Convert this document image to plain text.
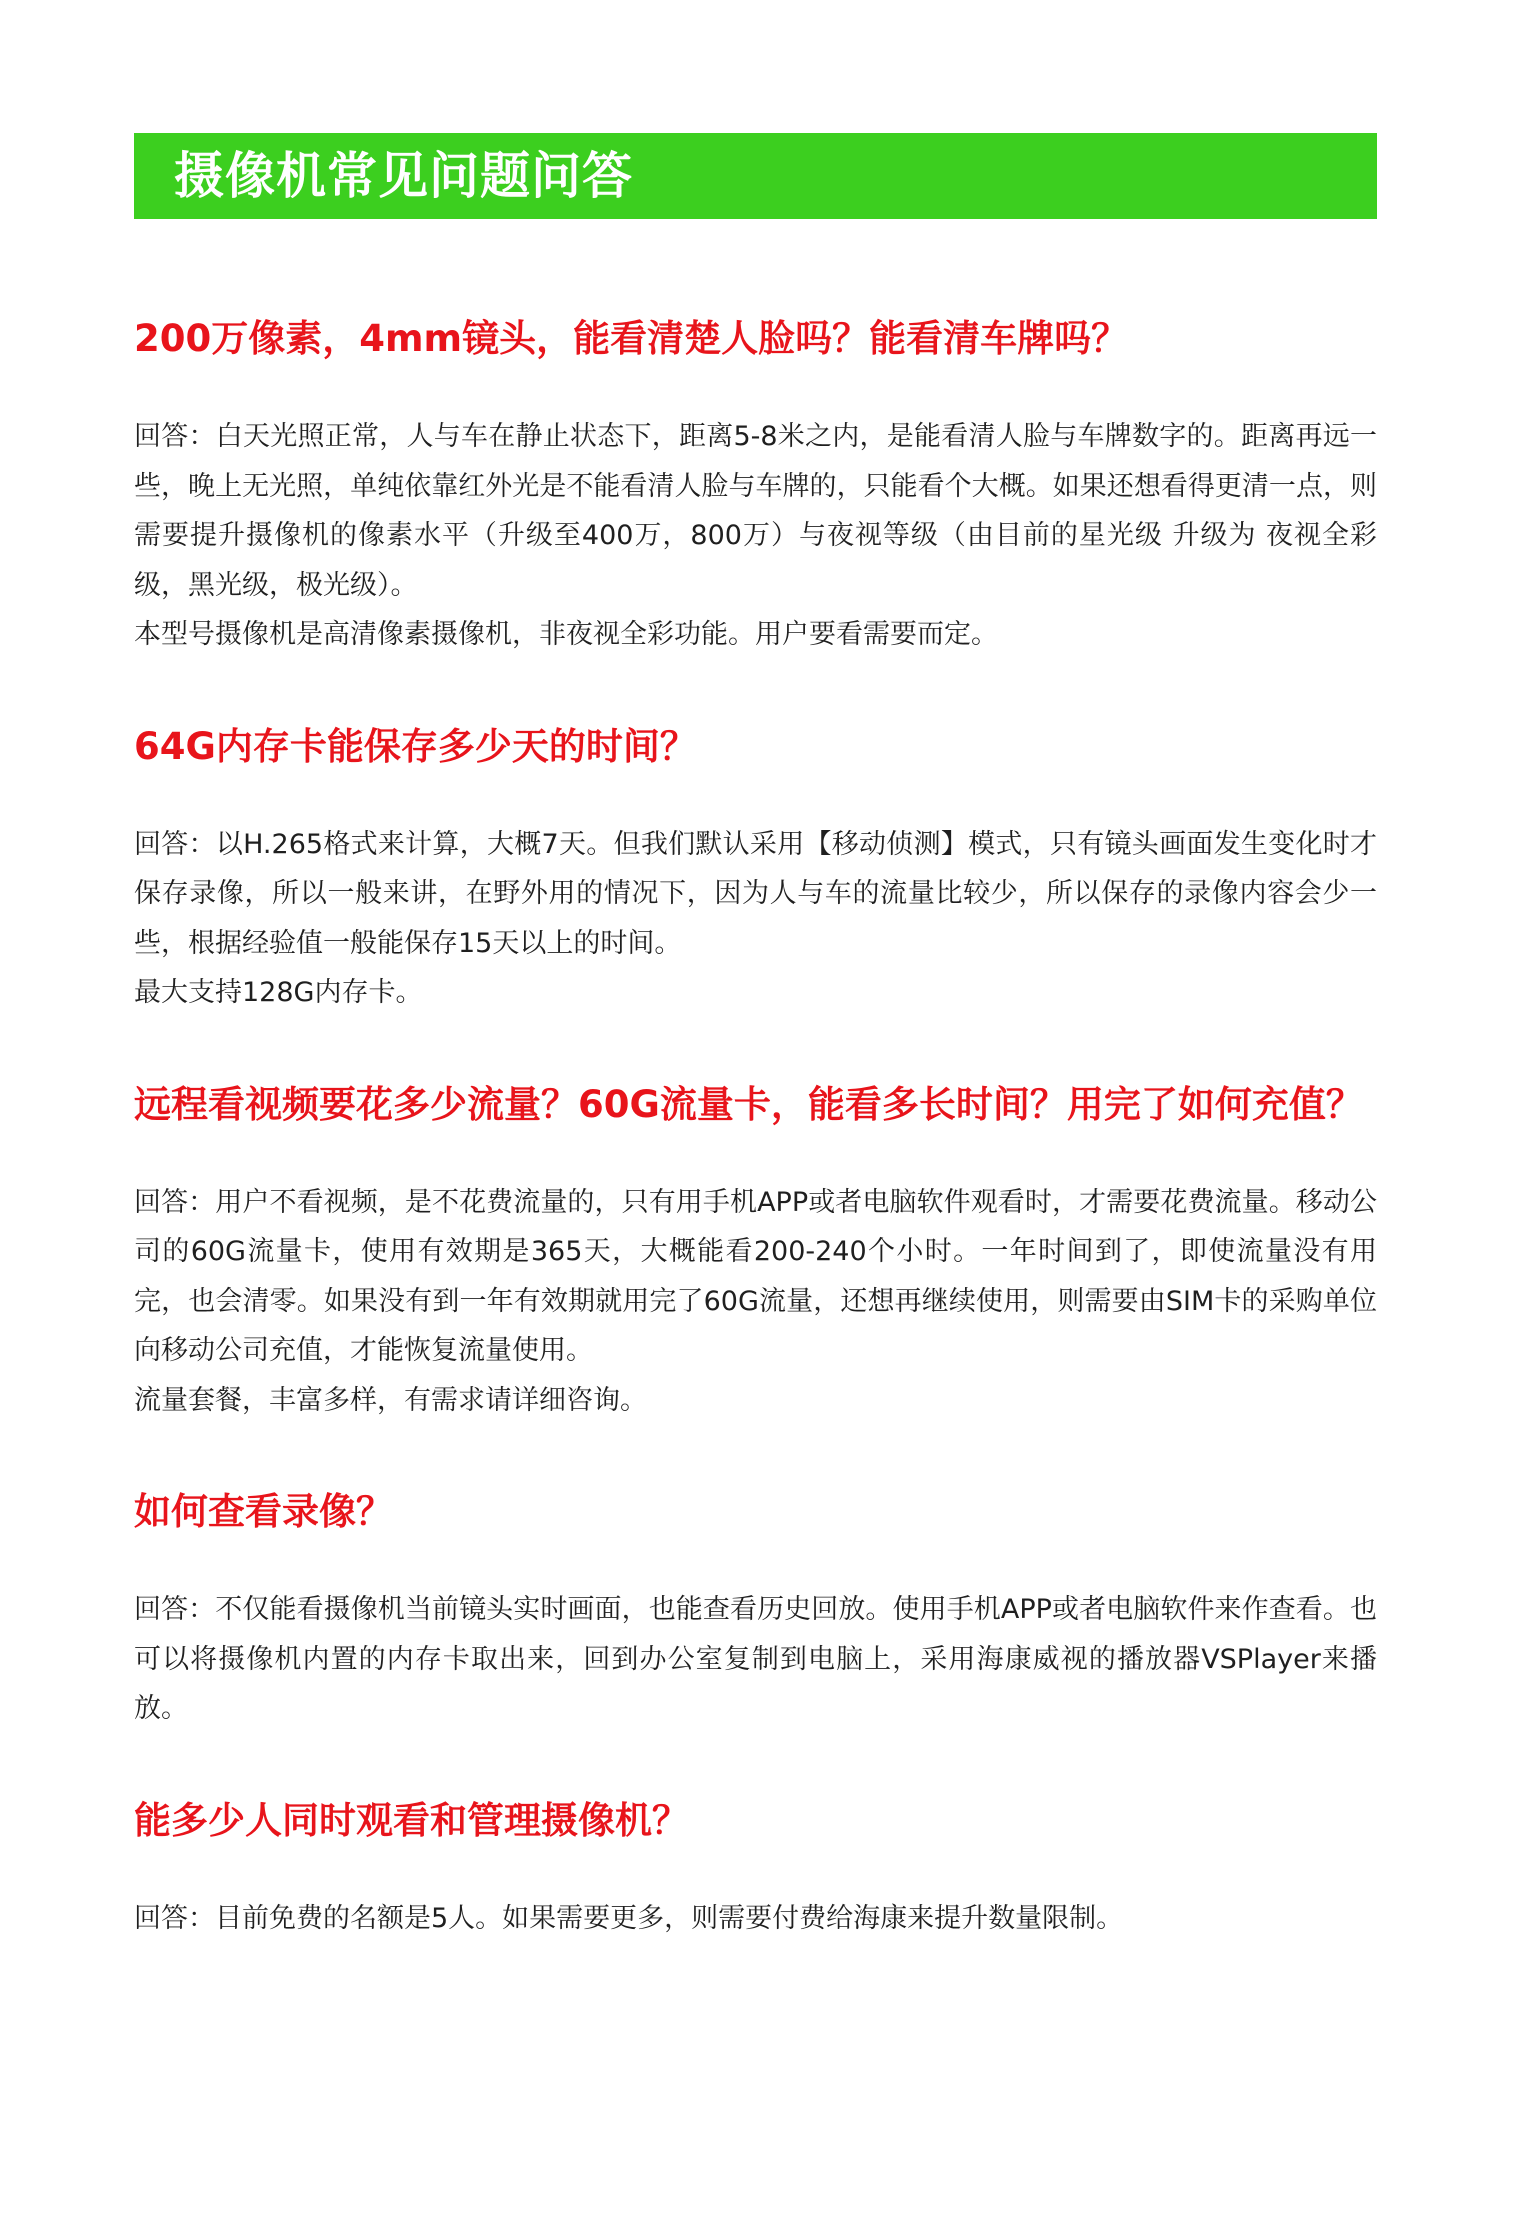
摄像机常见问题问答
200万像素，4mm镜头，能看清楚人脸吗？能看清车牌吗？

回答：白天光照正常，人与车在静止状态下，距离5-8米之内，是能看清人脸与车牌数字的。距离再远一些，晚上无光照，单纯依靠红外光是不能看清人脸与车牌的，只能看个大概。如果还想看得更清一点，则需要提升摄像机的像素水平（升级至400万，800万）与夜视等级（由目前的星光级 升级为 夜视全彩级，黑光级，极光级）。

本型号摄像机是高清像素摄像机，非夜视全彩功能。用户要看需要而定。

64G内存卡能保存多少天的时间？

回答：以H.265格式来计算，大概7天。但我们默认采用【移动侦测】模式，只有镜头画面发生变化时才保存录像，所以一般来讲，在野外用的情况下，因为人与车的流量比较少，所以保存的录像内容会少一些，根据经验值一般能保存15天以上的时间。

最大支持128G内存卡。

远程看视频要花多少流量？60G流量卡，能看多长时间？用完了如何充值？

回答：用户不看视频，是不花费流量的，只有用手机APP或者电脑软件观看时，才需要花费流量。移动公司的60G流量卡，使用有效期是365天，大概能看200-240个小时。一年时间到了，即使流量没有用完，也会清零。如果没有到一年有效期就用完了60G流量，还想再继续使用，则需要由SIM卡的采购单位向移动公司充值，才能恢复流量使用。

流量套餐，丰富多样，有需求请详细咨询。

如何查看录像？

回答：不仅能看摄像机当前镜头实时画面，也能查看历史回放。使用手机APP或者电脑软件来作查看。也可以将摄像机内置的内存卡取出来，回到办公室复制到电脑上，采用海康威视的播放器VSPlayer来播放。

能多少人同时观看和管理摄像机？

回答：目前免费的名额是5人。如果需要更多，则需要付费给海康来提升数量限制。
